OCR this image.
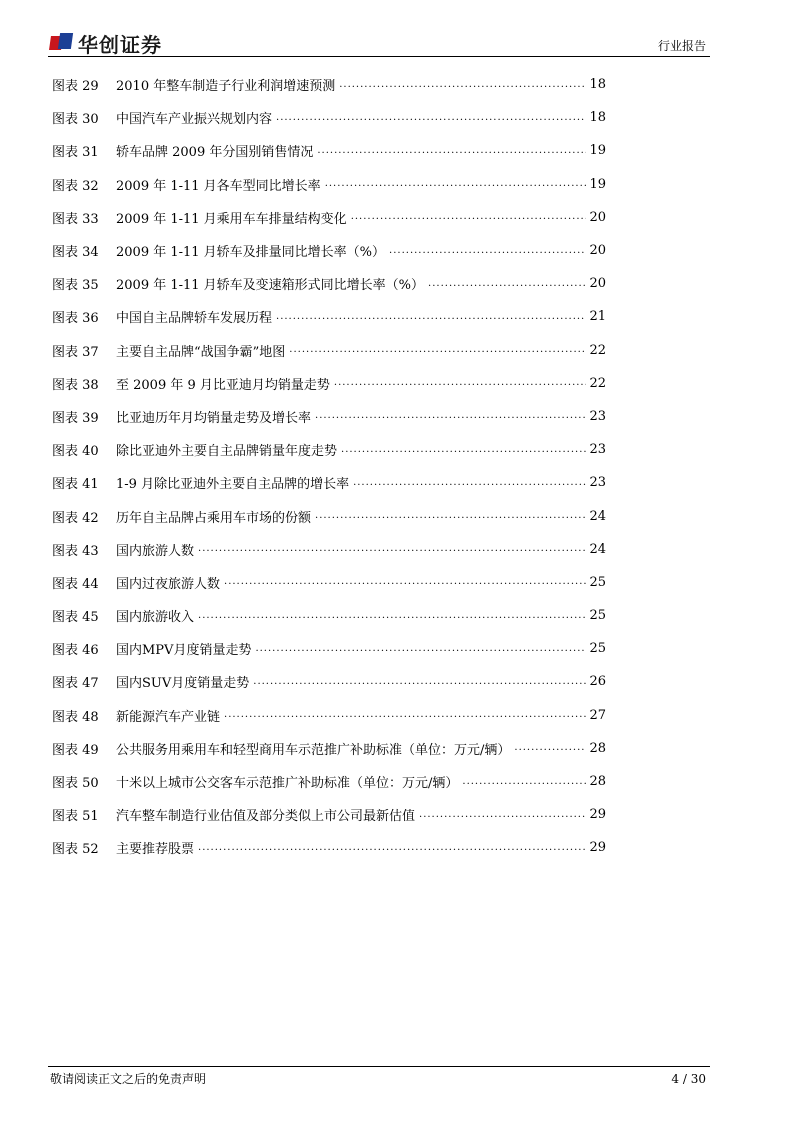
华创证券	行业报告
图表 29	2010 年整车制造子行业利润增速预测 .....	18
图表 30	中国汽车产业振兴规划内容 .....	18
图表 31	轿车品牌 2009 年分国别销售情况 .....	19
图表 32	2009 年 1-11 月各车型同比增长率 .....	19
图表 33	2009 年 1-11 月乘用车车排量结构变化 .....	20
图表 34	2009 年 1-11 月轿车及排量同比增长率（%） .....	20
图表 35	2009 年 1-11 月轿车及变速箱形式同比增长率（%） .....	20
图表 36	中国自主品牌轿车发展历程 .....	21
图表 37	主要自主品牌“战国争霸”地图 .....	22
图表 38	至 2009 年 9 月比亚迪月均销量走势 .....	22
图表 39	比亚迪历年月均销量走势及增长率 .....	23
图表 40	除比亚迪外主要自主品牌销量年度走势 .....	23
图表 41	1-9 月除比亚迪外主要自主品牌的增长率 .....	23
图表 42	历年自主品牌占乘用车市场的份额 .....	24
图表 43	国内旅游人数 .....	24
图表 44	国内过夜旅游人数 .....	25
图表 45	国内旅游收入 .....	25
图表 46	国内MPV月度销量走势 .....	25
图表 47	国内SUV月度销量走势 .....	26
图表 48	新能源汽车产业链 .....	27
图表 49	公共服务用乘用车和轻型商用车示范推广补助标准（单位：万元/辆） .....	28
图表 50	十米以上城市公交客车示范推广补助标准（单位：万元/辆） .....	28
图表 51	汽车整车制造行业估值及部分类似上市公司最新估值 .....	29
图表 52	主要推荐股票 .....	29
敬请阅读正文之后的免责声明	4 / 30
